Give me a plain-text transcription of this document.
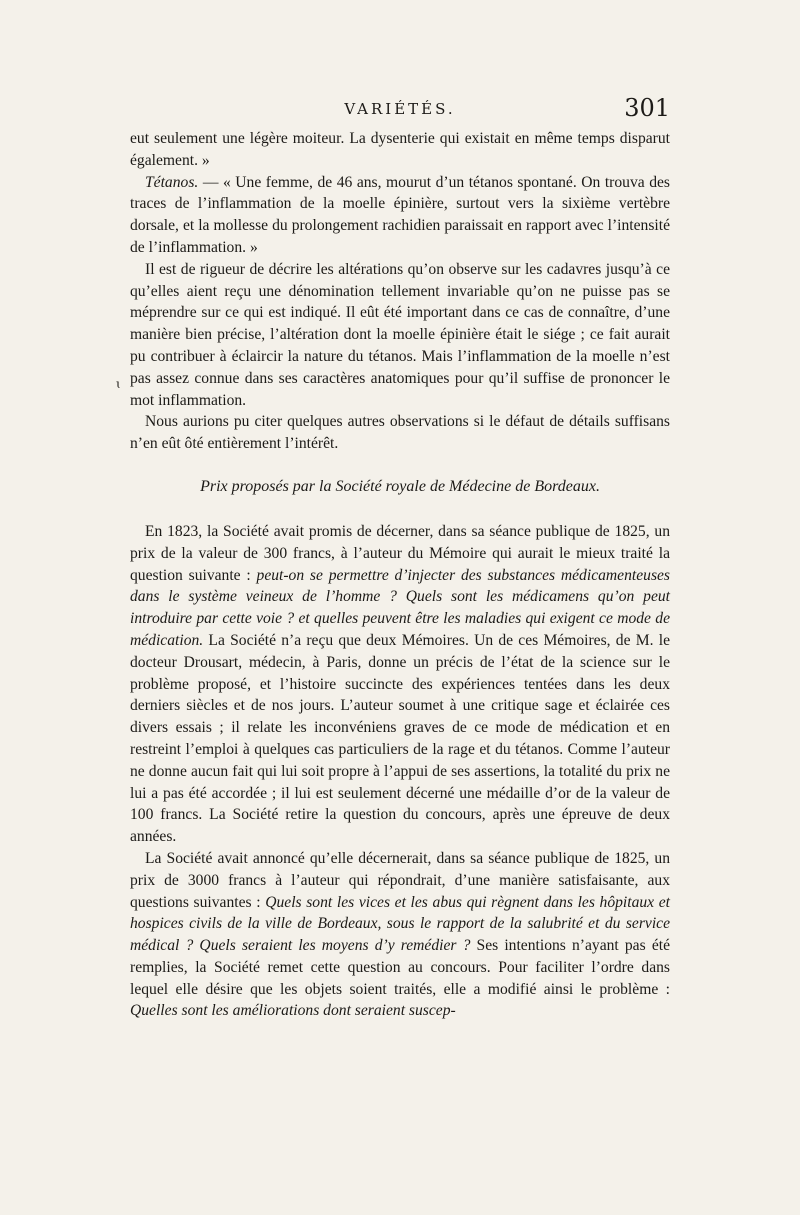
VARIÉTÉS.	301

eut seulement une légère moiteur. La dysenterie qui existait en même temps disparut également. »

Tétanos. — « Une femme, de 46 ans, mourut d’un tétanos spontané. On trouva des traces de l’inflammation de la moelle épinière, surtout vers la sixième vertèbre dorsale, et la mollesse du prolongement rachidien paraissait en rapport avec l’intensité de l’inflammation. »

Il est de rigueur de décrire les altérations qu’on observe sur les cadavres jusqu’à ce qu’elles aient reçu une dénomination tellement invariable qu’on ne puisse pas se méprendre sur ce qui est indiqué. Il eût été important dans ce cas de connaître, d’une manière bien précise, l’altération dont la moelle épinière était le siége ; ce fait aurait pu contribuer à éclaircir la nature du tétanos. Mais l’inflammation de la moelle n’est pas assez connue dans ses caractères anatomiques pour qu’il suffise de prononcer le mot inflammation.

Nous aurions pu citer quelques autres observations si le défaut de détails suffisans n’en eût ôté entièrement l’intérêt.

Prix proposés par la Société royale de Médecine de Bordeaux.

En 1823, la Société avait promis de décerner, dans sa séance publique de 1825, un prix de la valeur de 300 francs, à l’auteur du Mémoire qui aurait le mieux traité la question suivante : peut-on se permettre d’injecter des substances médicamenteuses dans le système veineux de l’homme ? Quels sont les médicamens qu’on peut introduire par cette voie ? et quelles peuvent être les maladies qui exigent ce mode de médication. La Société n’a reçu que deux Mémoires. Un de ces Mémoires, de M. le docteur Drousart, médecin, à Paris, donne un précis de l’état de la science sur le problème proposé, et l’histoire succincte des expériences tentées dans les deux derniers siècles et de nos jours. L’auteur soumet à une critique sage et éclairée ces divers essais ; il relate les inconvéniens graves de ce mode de médication et en restreint l’emploi à quelques cas particuliers de la rage et du tétanos. Comme l’auteur ne donne aucun fait qui lui soit propre à l’appui de ses assertions, la totalité du prix ne lui a pas été accordée ; il lui est seulement décerné une médaille d’or de la valeur de 100 francs. La Société retire la question du concours, après une épreuve de deux années.

La Société avait annoncé qu’elle décernerait, dans sa séance publique de 1825, un prix de 3000 francs à l’auteur qui répondrait, d’une manière satisfaisante, aux questions suivantes : Quels sont les vices et les abus qui règnent dans les hôpitaux et hospices civils de la ville de Bordeaux, sous le rapport de la salubrité et du service médical ? Quels seraient les moyens d’y remédier ? Ses intentions n’ayant pas été remplies, la Société remet cette question au concours. Pour faciliter l’ordre dans lequel elle désire que les objets soient traités, elle a modifié ainsi le problème : Quelles sont les améliorations dont seraient suscep-

ɩ
